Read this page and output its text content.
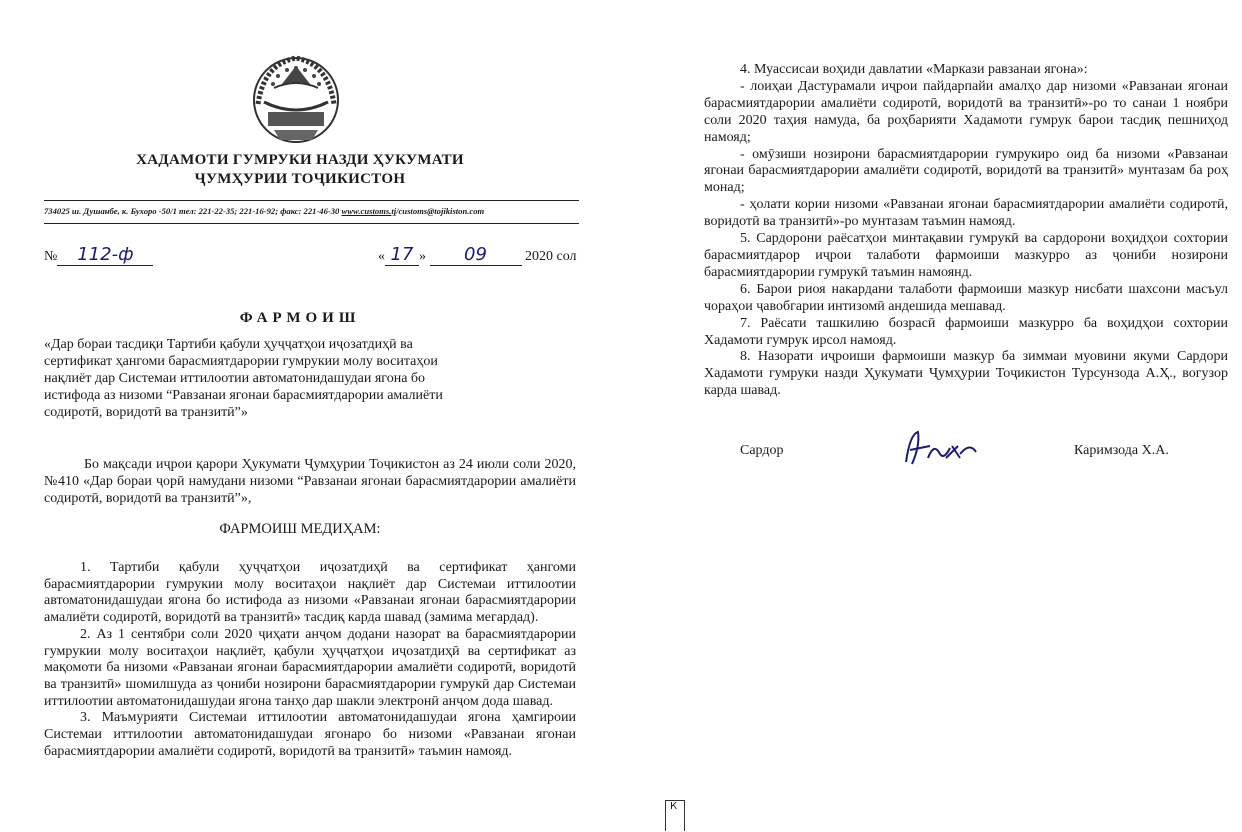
ХАДАМОТИ ГУМРУКИ НАЗДИ ҲУКУМАТИ
ҶУМҲУРИИ ТОҶИКИСТОН
734025 ш. Душанбе, к. Бухоро -50/1 тел: 221-22-35; 221-16-92; факс: 221-46-30 www.customs.tj/customs@tojikiston.com
№ 112-ф	« 17 » 09	2020 сол
ФАРМОИШ
«Дар бораи тасдиқи Тартиби қабули ҳуҷҷатҳои иҷозатдиҳӣ ва сертификат ҳангоми барасмиятдарории гумрукии молу воситаҳои нақлиёт дар Системаи иттилоотии автоматонидашудаи ягона бо истифода аз низоми “Равзанаи ягонаи барасмиятдарории амалиёти содиротӣ, воридотӣ ва транзитӣ”»
Бо мақсади иҷрои қарори Ҳукумати Ҷумҳурии Тоҷикистон аз 24 июли соли 2020, №410 «Дар бораи ҷорӣ намудани низоми “Равзанаи ягонаи барасмиятдарории амалиёти содиротӣ, воридотӣ ва транзитӣ”»,
ФАРМОИШ МЕДИҲАМ:

1. Тартиби қабули ҳуҷҷатҳои иҷозатдиҳӣ ва сертификат ҳангоми барасмиятдарории гумрукии молу воситаҳои нақлиёт дар Системаи иттилоотии автоматонидашудаи ягона бо истифода аз низоми «Равзанаи ягонаи барасмиятдарории амалиёти содиротӣ, воридотӣ ва транзитӣ» тасдиқ карда шавад (замима мегардад).

2. Аз 1 сентябри соли 2020 ҷиҳати анҷом додани назорат ва барасмиятдарории гумрукии молу воситаҳои нақлиёт, қабули ҳуҷҷатҳои иҷозатдиҳӣ ва сертификат аз мақомоти ба низоми «Равзанаи ягонаи барасмиятдарории амалиёти содиротӣ, воридотӣ ва транзитӣ» шомилшуда аз ҷониби нозирони барасмиятдарории гумрукӣ дар Системаи иттилоотии автоматонидашудаи ягона танҳо дар шакли электронӣ анҷом дода шавад.

3. Маъмурияти Системаи иттилоотии автоматонидашудаи ягона ҳамгироии Системаи иттилоотии автоматонидашудаи ягонаро бо низоми «Равзанаи ягонаи барасмиятдарории амалиёти содиротӣ, воридотӣ ва транзитӣ» таъмин намояд.

4. Муассисаи воҳиди давлатии «Маркази равзанаи ягона»:

- лоиҳаи Дастурамали иҷрои пайдарпайи амалҳо дар низоми «Равзанаи ягонаи барасмиятдарории амалиёти содиротӣ, воридотӣ ва транзитӣ»-ро то санаи 1 ноябри соли 2020 таҳия намуда, ба роҳбарияти Хадамоти гумрук барои тасдиқ пешниҳод намояд;

- омӯзиши нозирони барасмиятдарории гумрукиро оид ба низоми «Равзанаи ягонаи барасмиятдарории амалиёти содиротӣ, воридотӣ ва транзитӣ» мунтазам ба роҳ монад;

- ҳолати кории низоми «Равзанаи ягонаи барасмиятдарории амалиёти содиротӣ, воридотӣ ва транзитӣ»-ро мунтазам таъмин намояд.

5. Сардорони раёсатҳои минтақавии гумрукӣ ва сардорони воҳидҳои сохтории барасмиятдарор иҷрои талаботи фармоиши мазкурро аз ҷониби нозирони барасмиятдарории гумрукӣ таъмин намоянд.

6. Барои риоя накардани талаботи фармоиши мазкур нисбати шахсони масъул чораҳои ҷавобгарии интизомӣ андешида мешавад.

7. Раёсати ташкилию бозрасӣ фармоиши мазкурро ба воҳидҳои сохтории Хадамоти гумрук ирсол намояд.

8. Назорати иҷроиши фармоиши мазкур ба зиммаи муовини якуми Сардори Хадамоти гумруки назди Ҳукумати Ҷумҳурии Тоҷикистон Турсунзода А.Ҳ., вогузор карда шавад.

Сардор	Каримзода Х.А.
К
